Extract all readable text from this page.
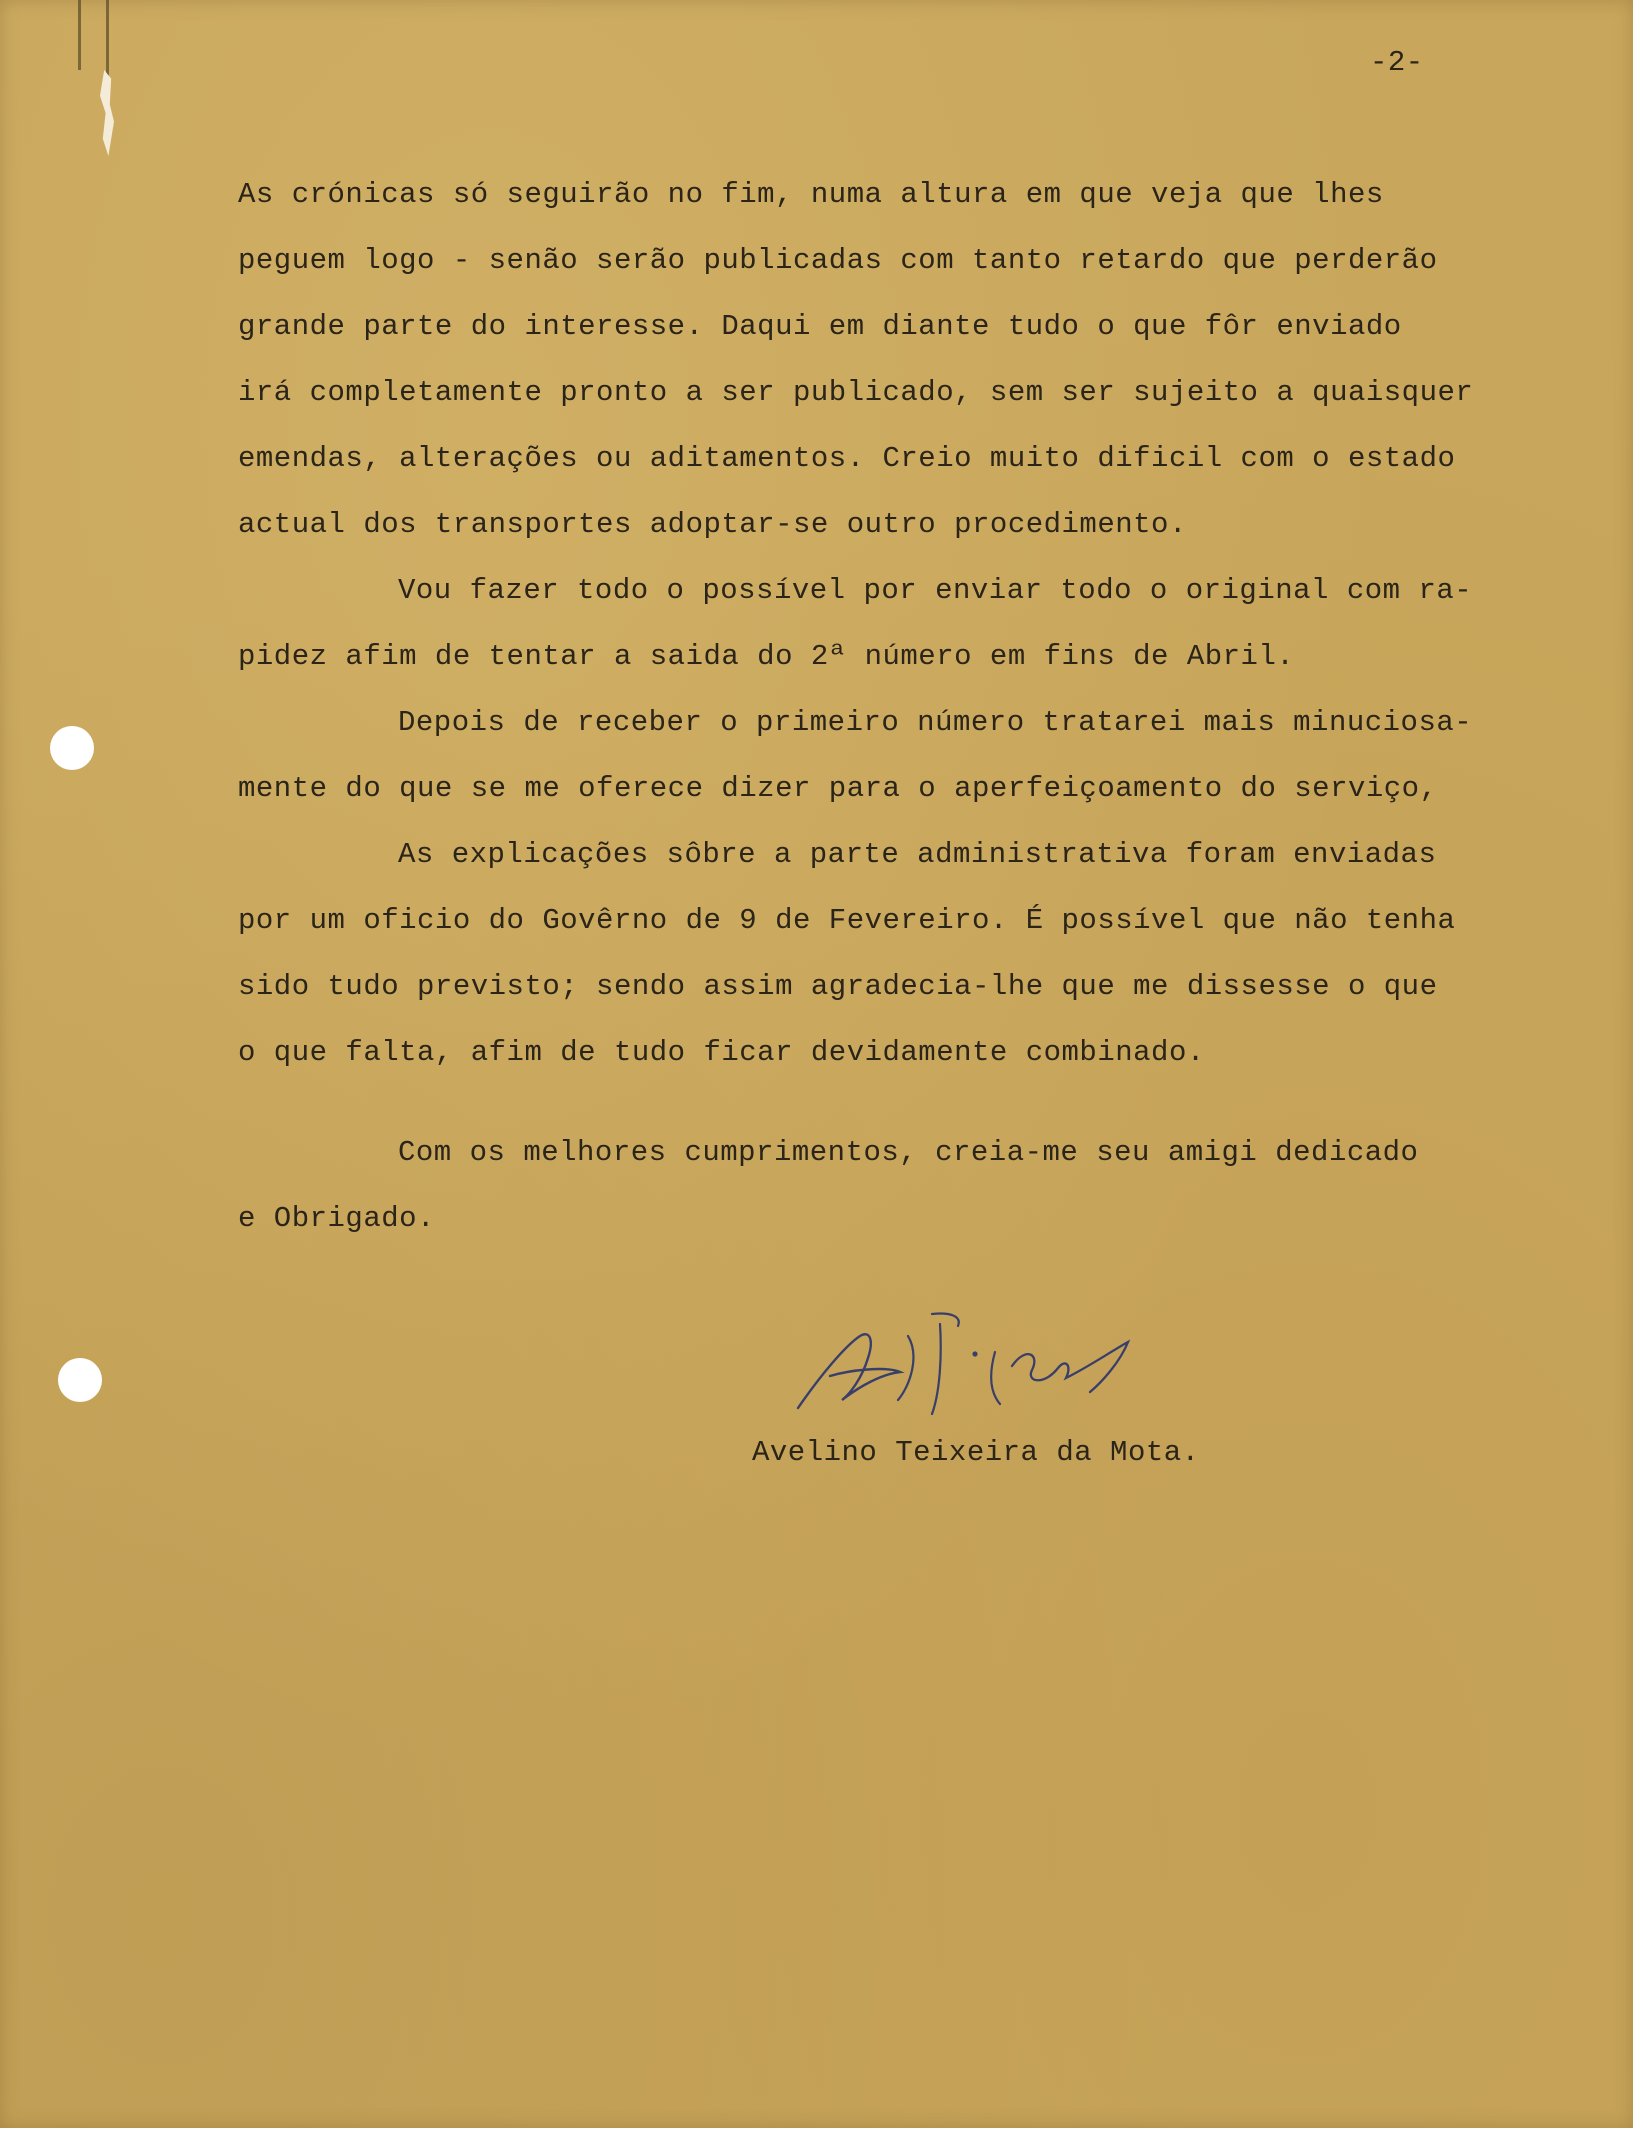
-2-
As crónicas só seguirão no fim, numa altura em que veja que lhes
peguem logo - senão serão publicadas com tanto retardo que perderão
grande parte do interesse. Daqui em diante tudo o que fôr enviado
irá completamente pronto a ser publicado, sem ser sujeito a quaisquer
emendas, alterações ou aditamentos. Creio muito dificil com o estado
actual dos transportes adoptar-se outro procedimento.
Vou fazer todo o possível por enviar todo o original com ra-
pidez afim de tentar a saida do 2ª número em fins de Abril.
Depois de receber o primeiro número tratarei mais minuciosa-
mente do que se me oferece dizer para o aperfeiçoamento do serviço,
As explicações sôbre a parte administrativa foram enviadas
por um oficio do Govêrno de 9 de Fevereiro. É possível que não tenha
sido tudo previsto; sendo assim agradecia-lhe que me dissesse o que
o que falta, afim de tudo ficar devidamente combinado.
Com os melhores cumprimentos, creia-me seu amigi dedicado
e Obrigado.
Avelino Teixeira da Mota.
